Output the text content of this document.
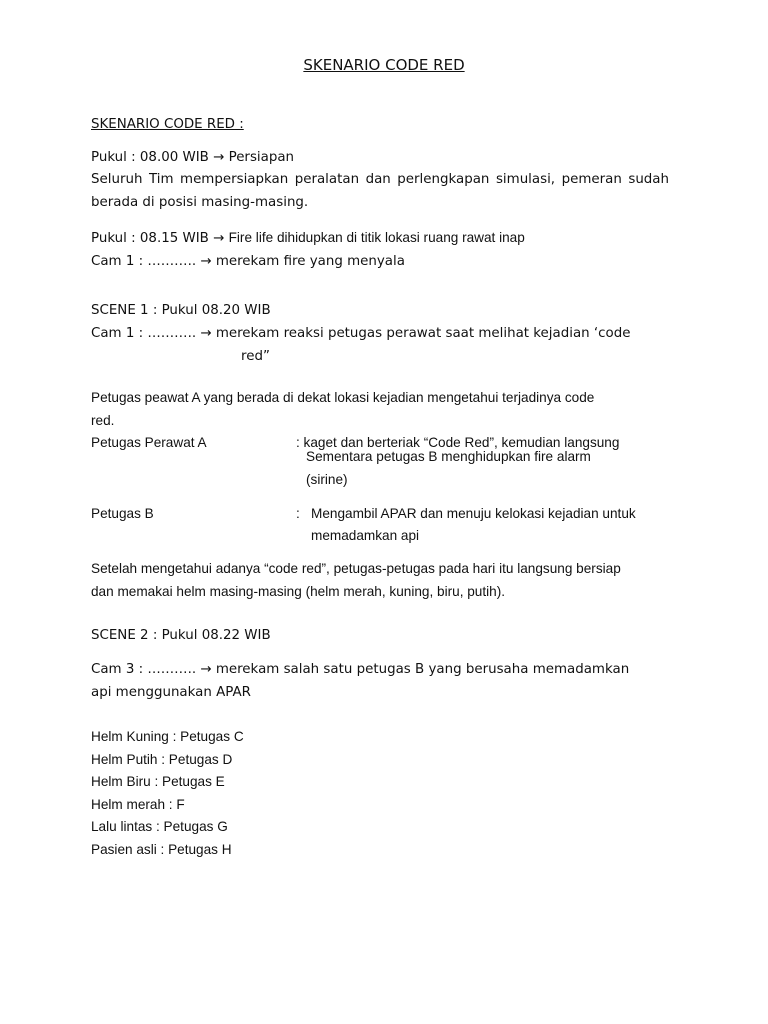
SKENARIO CODE RED
SKENARIO CODE RED :
Pukul : 08.00 WIB → Persiapan
Seluruh Tim mempersiapkan peralatan dan perlengkapan simulasi, pemeran sudah
berada di posisi masing-masing.
Pukul : 08.15 WIB → Fire life dihidupkan di titik lokasi ruang rawat inap
Cam 1 : ……….. → merekam fire yang menyala
SCENE 1 : Pukul 08.20 WIB
Cam 1 : ……….. → merekam reaksi petugas perawat saat melihat kejadian ‘code
red”
Petugas peawat A yang berada di dekat lokasi kejadian mengetahui terjadinya code
red.
Petugas Perawat A	: kaget dan berteriak “Code Red”, kemudian langsung
Sementara petugas B menghidupkan fire alarm
(sirine)
Petugas B	: Mengambil APAR dan menuju kelokasi kejadian untuk
memadamkan api
Setelah mengetahui adanya “code red”, petugas-petugas pada hari itu langsung bersiap
dan memakai helm masing-masing (helm merah, kuning, biru, putih).
SCENE 2 : Pukul 08.22 WIB
Cam 3 : ……….. → merekam salah satu petugas B yang berusaha memadamkan
api menggunakan APAR
Helm Kuning : Petugas C
Helm Putih : Petugas D
Helm Biru : Petugas E
Helm merah : F
Lalu lintas : Petugas G
Pasien asli : Petugas H
